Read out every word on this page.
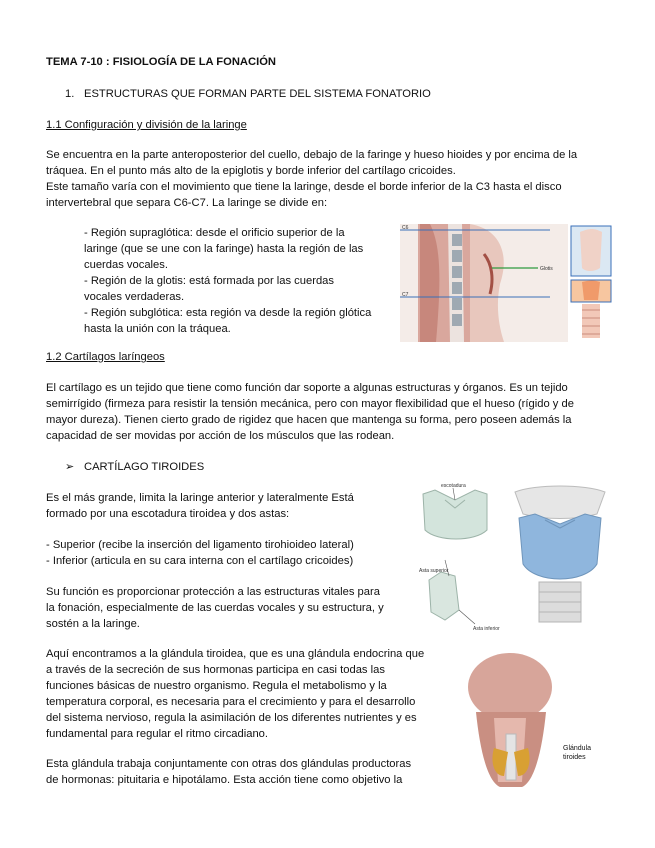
TEMA 7-10 : FISIOLOGÍA DE LA FONACIÓN
1. ESTRUCTURAS QUE FORMAN PARTE DEL SISTEMA FONATORIO
1.1 Configuración y división de la laringe
Se encuentra en la parte anteroposterior del cuello, debajo de la faringe y hueso hioides y por encima de la
tráquea. En el punto más alto de la epiglotis y borde inferior del cartílago cricoides.
Este tamaño varía con el movimiento que tiene la laringe, desde el borde inferior de la C3 hasta el disco
intervertebral que separa C6-C7. La laringe se divide en:
- Región supraglótica: desde el orificio superior de la
laringe (que se une con la faringe) hasta la región de las
cuerdas vocales.
- Región de la glotis: está formada por las cuerdas
vocales verdaderas.
- Región subglótica: esta región va desde la región glótica
hasta la unión con la tráquea.
C6
C7
Glotis
1.2 Cartílagos laríngeos
El cartílago es un tejido que tiene como función dar soporte a algunas estructuras y órganos. Es un tejido
semirrígido (firmeza para resistir la tensión mecánica, pero con mayor flexibilidad que el hueso (rígido y de
mayor dureza). Tienen cierto grado de rigidez que hacen que mantenga su forma, pero poseen además la
capacidad de ser movidas por acción de los músculos que las rodean.
➢ CARTÍLAGO TIROIDES
Es el más grande, limita la laringe anterior y lateralmente Está
formado por una escotadura tiroidea y dos astas:
- Superior (recibe la inserción del ligamento tirohioideo lateral)
- Inferior (articula en su cara interna con el cartílago cricoides)
Su función es proporcionar protección a las estructuras vitales para
la fonación, especialmente de las cuerdas vocales y su estructura, y
sostén a la laringe.
Aquí encontramos a la glándula tiroidea, que es una glándula endocrina que
a través de la secreción de sus hormonas participa en casi todas las
funciones básicas de nuestro organismo. Regula el metabolismo y la
temperatura corporal, es necesaria para el crecimiento y para el desarrollo
del sistema nervioso, regula la asimilación de los diferentes nutrientes y es
fundamental para regular el ritmo circadiano.
Esta glándula trabaja conjuntamente con otras dos glándulas productoras
de hormonas: pituitaria e hipotálamo. Esta acción tiene como objetivo la
escotadura
Asta superior
Asta inferior
Glándula
tiroides
